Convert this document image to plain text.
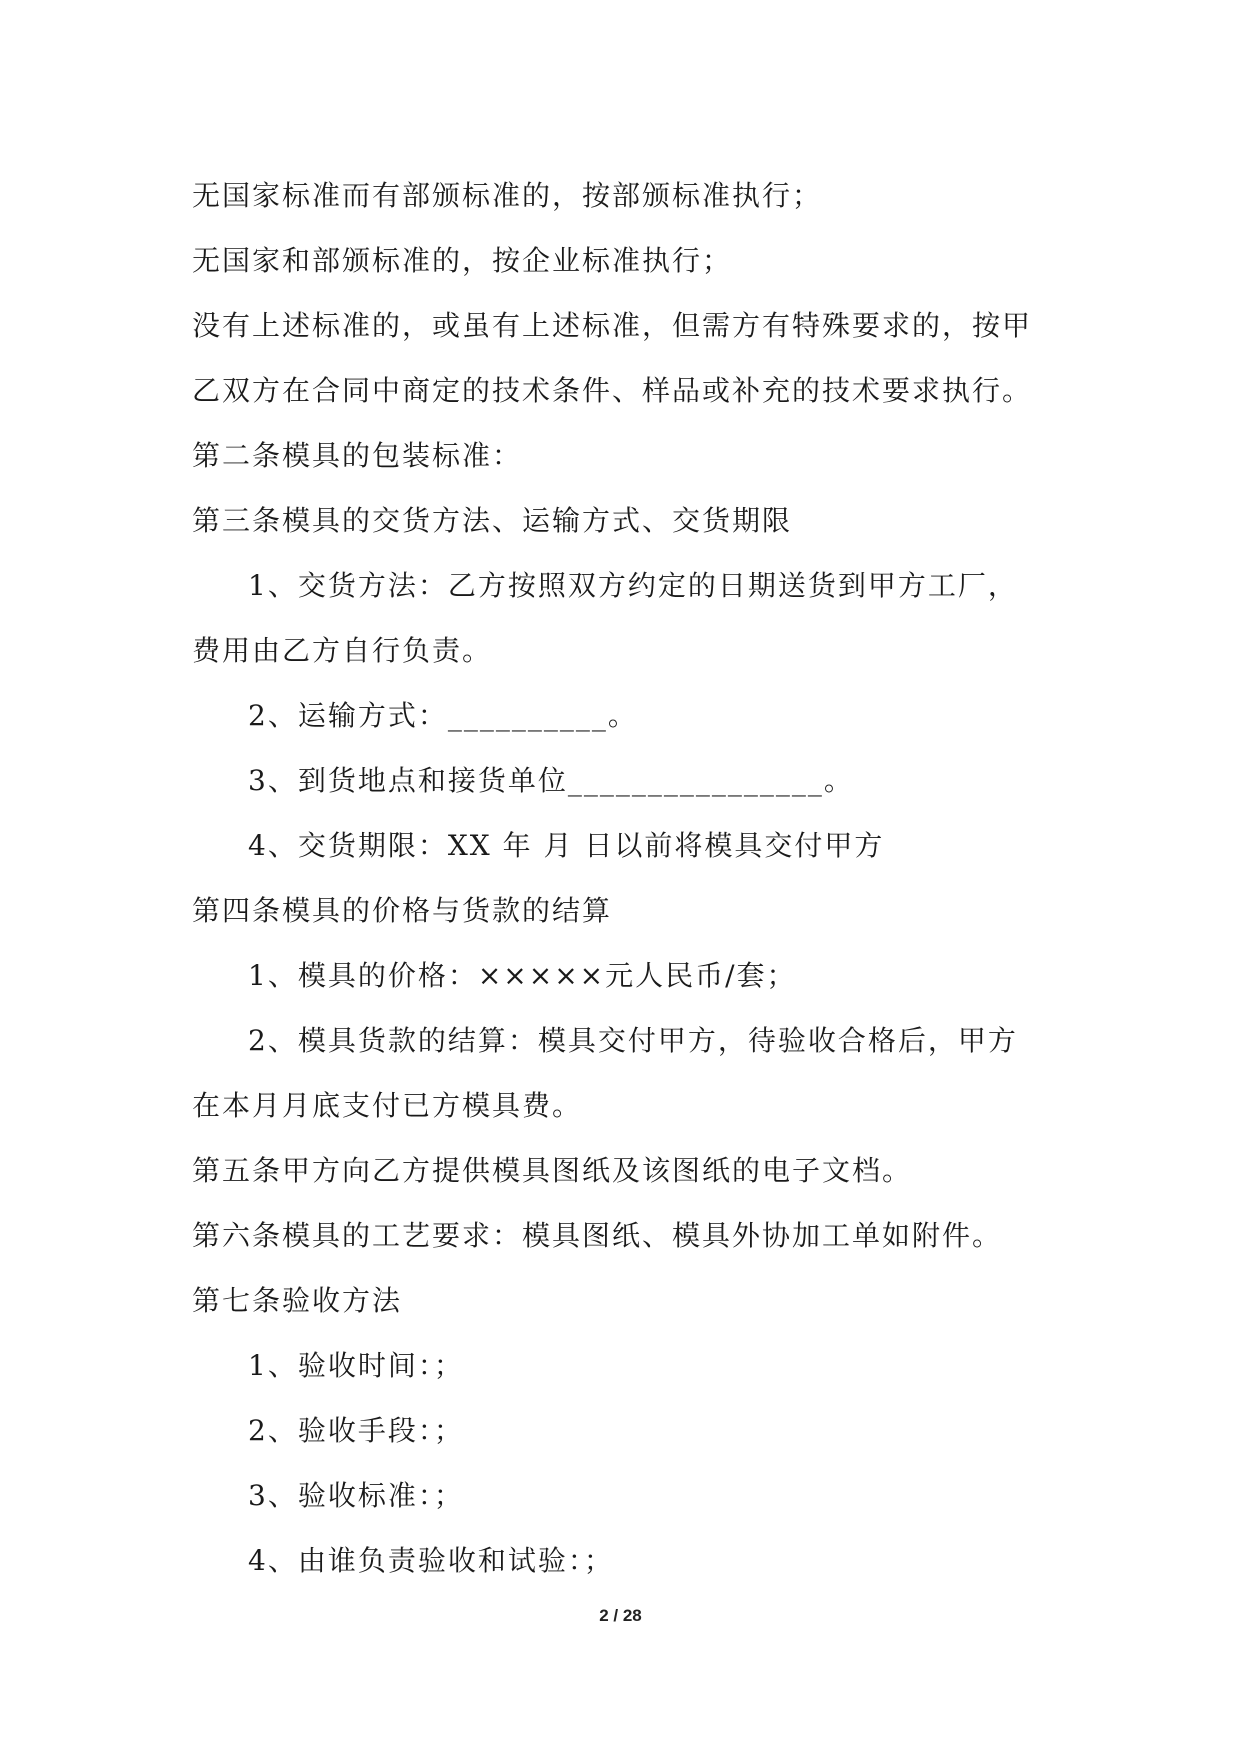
无国家标准而有部颁标准的，按部颁标准执行；
无国家和部颁标准的，按企业标准执行；
没有上述标准的，或虽有上述标准，但需方有特殊要求的，按甲
乙双方在合同中商定的技术条件、样品或补充的技术要求执行。
第二条模具的包装标准：
第三条模具的交货方法、运输方式、交货期限
1、交货方法：乙方按照双方约定的日期送货到甲方工厂，
费用由乙方自行负责。
2、运输方式：__________。
3、到货地点和接货单位________________。
4、交货期限：XX 年 月 日以前将模具交付甲方
第四条模具的价格与货款的结算
1、模具的价格：×××××元人民币/套；
2、模具货款的结算：模具交付甲方，待验收合格后，甲方
在本月月底支付已方模具费。
第五条甲方向乙方提供模具图纸及该图纸的电子文档。
第六条模具的工艺要求：模具图纸、模具外协加工单如附件。
第七条验收方法
1、验收时间：；
2、验收手段：；
3、验收标准：；
4、由谁负责验收和试验：；
2 / 28
